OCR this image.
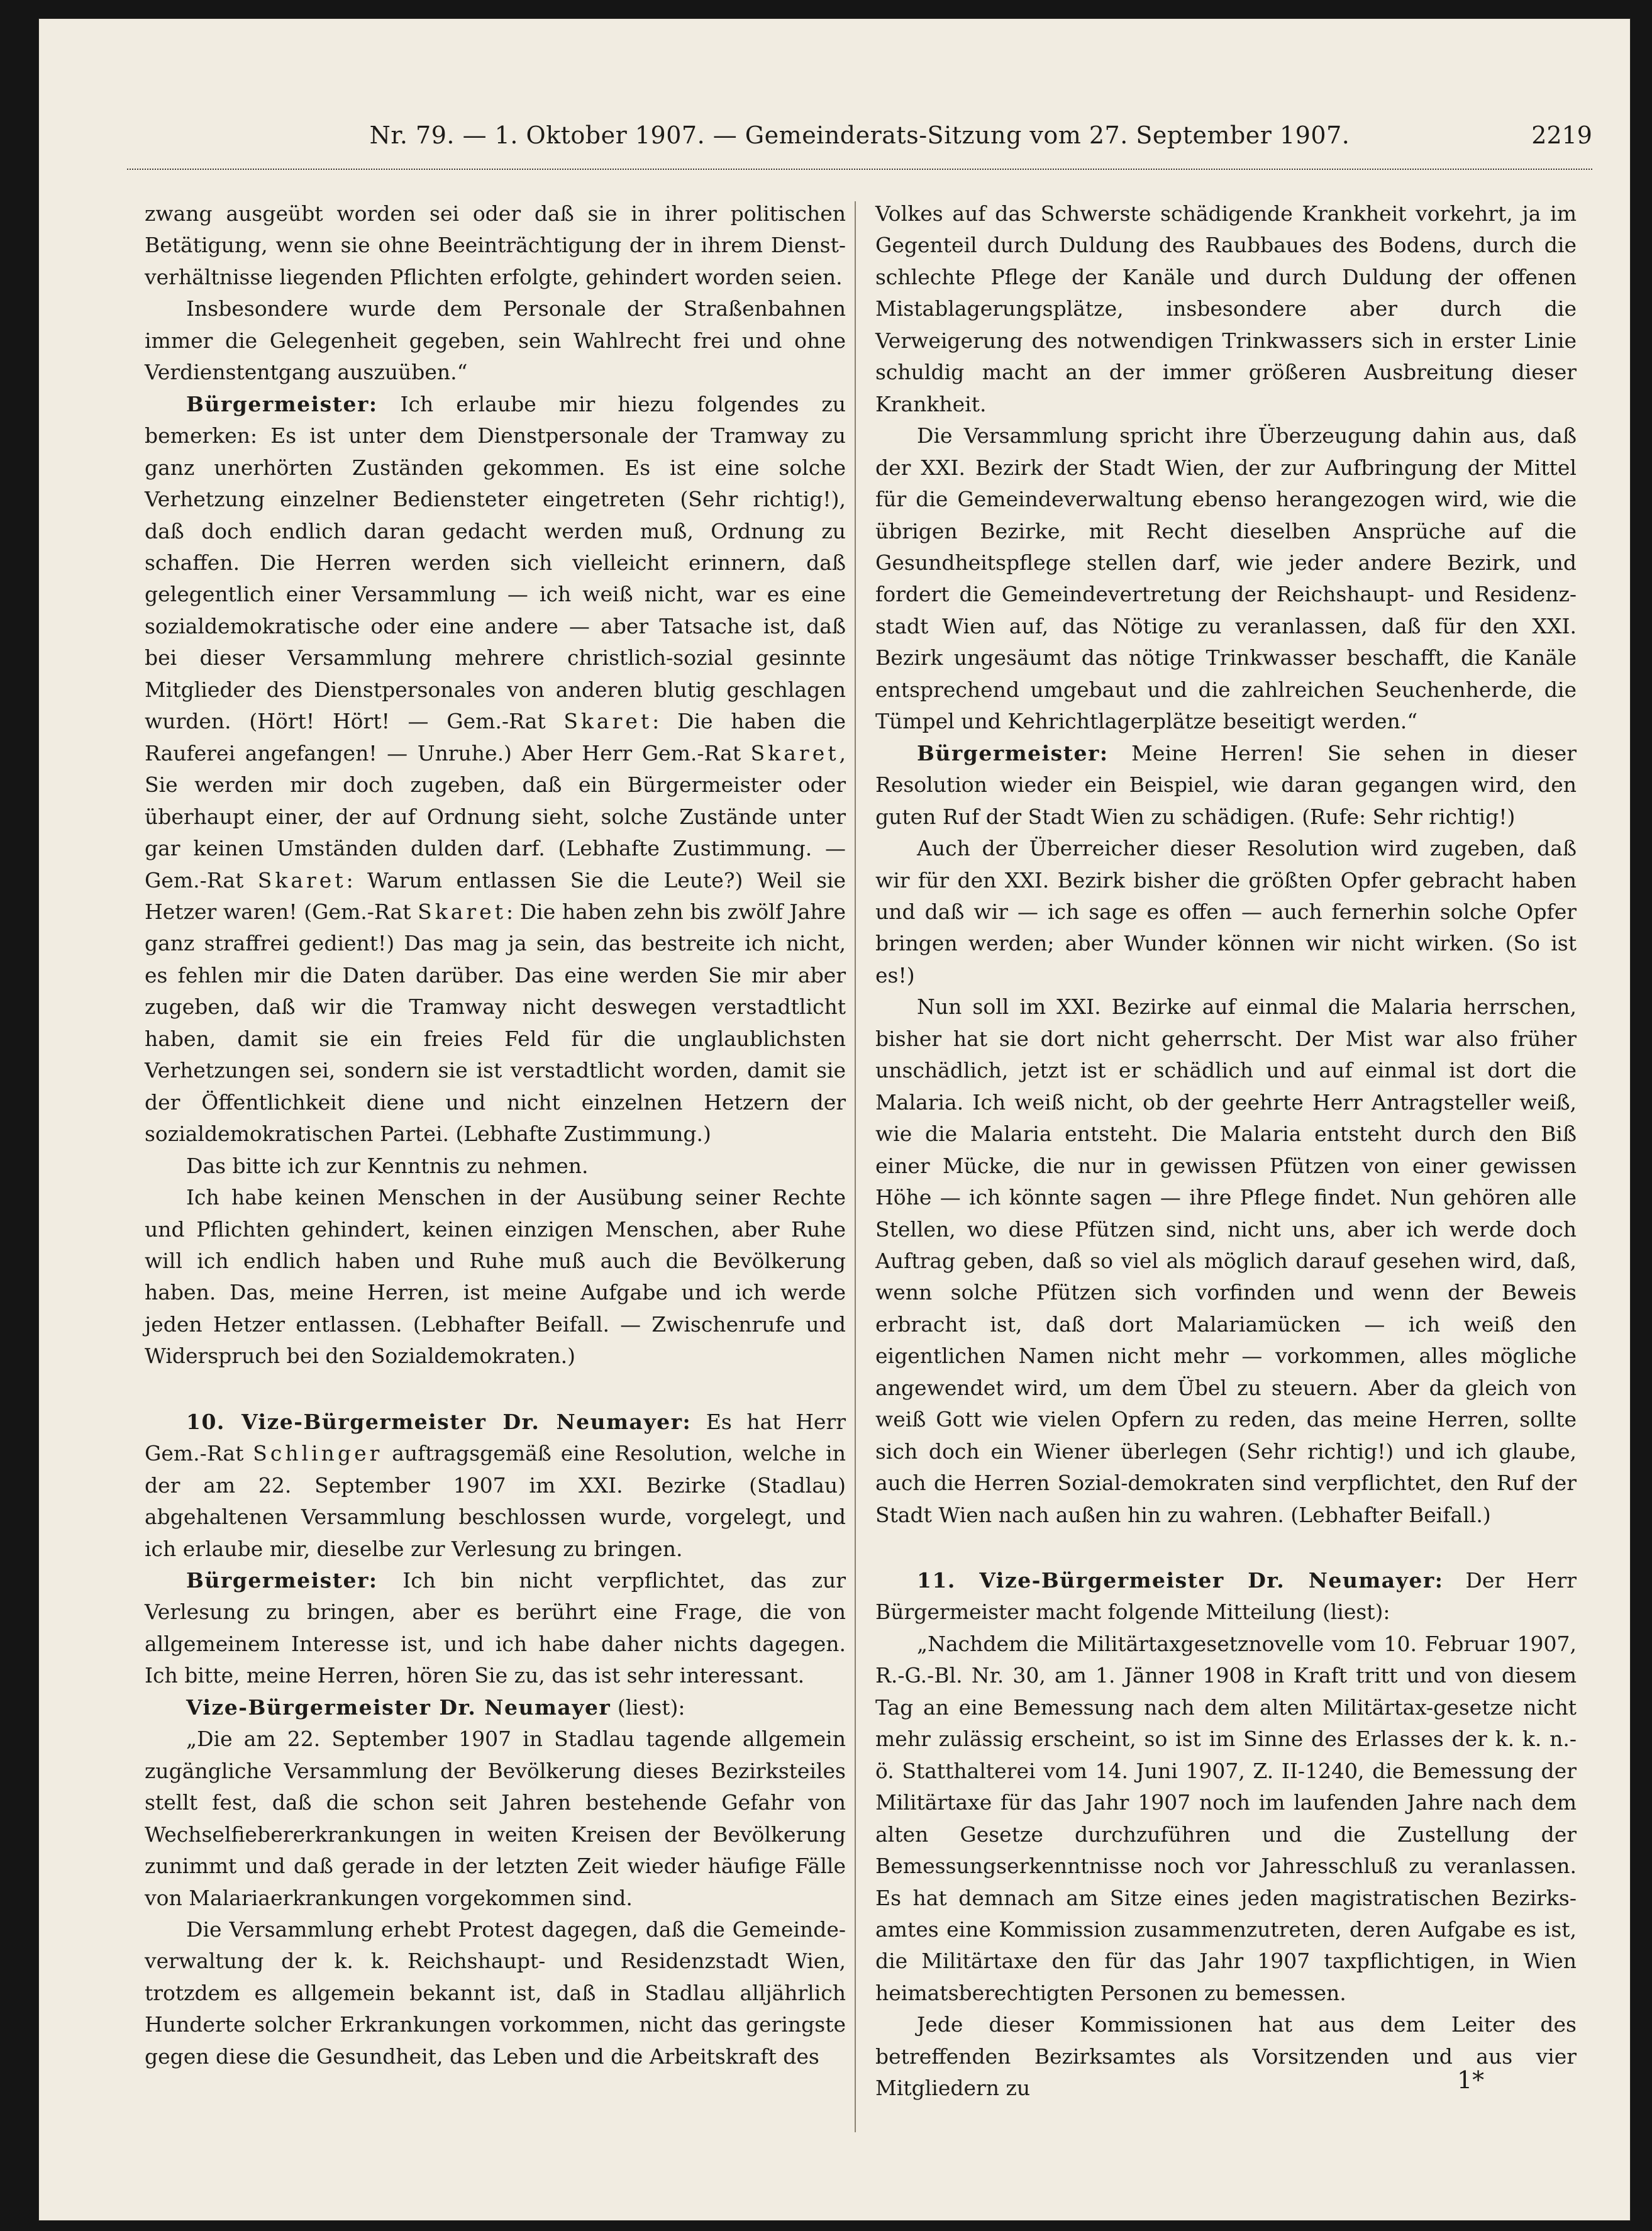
Nr. 79. — 1. Oktober 1907. — Gemeinderats-Sitzung vom 27. September 1907.	2219

zwang ausgeübt worden sei oder daß sie in ihrer politischen Betätigung, wenn sie ohne Beeinträchtigung der in ihrem Dienst-verhältnisse liegenden Pflichten erfolgte, gehindert worden seien.

Insbesondere wurde dem Personale der Straßenbahnen immer die Gelegenheit gegeben, sein Wahlrecht frei und ohne Verdienstentgang auszuüben.“

Bürgermeister: Ich erlaube mir hiezu folgendes zu bemerken: Es ist unter dem Dienstpersonale der Tramway zu ganz unerhörten Zuständen gekommen. Es ist eine solche Verhetzung einzelner Bediensteter eingetreten (Sehr richtig!), daß doch endlich daran gedacht werden muß, Ordnung zu schaffen. Die Herren werden sich vielleicht erinnern, daß gelegentlich einer Versammlung — ich weiß nicht, war es eine sozialdemokratische oder eine andere — aber Tatsache ist, daß bei dieser Versammlung mehrere christlich-sozial gesinnte Mitglieder des Dienstpersonales von anderen blutig geschlagen wurden. (Hört! Hört! — Gem.-Rat Skaret: Die haben die Rauferei angefangen! — Unruhe.) Aber Herr Gem.-Rat Skaret, Sie werden mir doch zugeben, daß ein Bürgermeister oder überhaupt einer, der auf Ordnung sieht, solche Zustände unter gar keinen Umständen dulden darf. (Lebhafte Zustimmung. — Gem.-Rat Skaret: Warum entlassen Sie die Leute?) Weil sie Hetzer waren! (Gem.-Rat Skaret: Die haben zehn bis zwölf Jahre ganz straffrei gedient!) Das mag ja sein, das bestreite ich nicht, es fehlen mir die Daten darüber. Das eine werden Sie mir aber zugeben, daß wir die Tramway nicht deswegen verstadtlicht haben, damit sie ein freies Feld für die unglaublichsten Verhetzungen sei, sondern sie ist verstadtlicht worden, damit sie der Öffentlichkeit diene und nicht einzelnen Hetzern der sozialdemokratischen Partei. (Lebhafte Zustimmung.)

Das bitte ich zur Kenntnis zu nehmen.

Ich habe keinen Menschen in der Ausübung seiner Rechte und Pflichten gehindert, keinen einzigen Menschen, aber Ruhe will ich endlich haben und Ruhe muß auch die Bevölkerung haben. Das, meine Herren, ist meine Aufgabe und ich werde jeden Hetzer entlassen. (Lebhafter Beifall. — Zwischenrufe und Widerspruch bei den Sozialdemokraten.)

10. Vize-Bürgermeister Dr. Neumayer: Es hat Herr Gem.-Rat Schlinger auftragsgemäß eine Resolution, welche in der am 22. September 1907 im XXI. Bezirke (Stadlau) abgehaltenen Versammlung beschlossen wurde, vorgelegt, und ich erlaube mir, dieselbe zur Verlesung zu bringen.

Bürgermeister: Ich bin nicht verpflichtet, das zur Verlesung zu bringen, aber es berührt eine Frage, die von allgemeinem Interesse ist, und ich habe daher nichts dagegen. Ich bitte, meine Herren, hören Sie zu, das ist sehr interessant.

Vize-Bürgermeister Dr. Neumayer (liest):

„Die am 22. September 1907 in Stadlau tagende allgemein zugängliche Versammlung der Bevölkerung dieses Bezirksteiles stellt fest, daß die schon seit Jahren bestehende Gefahr von Wechselfiebererkrankungen in weiten Kreisen der Bevölkerung zunimmt und daß gerade in der letzten Zeit wieder häufige Fälle von Malariaerkrankungen vorgekommen sind.

Die Versammlung erhebt Protest dagegen, daß die Gemeinde-verwaltung der k. k. Reichshaupt- und Residenzstadt Wien, trotzdem es allgemein bekannt ist, daß in Stadlau alljährlich Hunderte solcher Erkrankungen vorkommen, nicht das geringste gegen diese die Gesundheit, das Leben und die Arbeitskraft des

Volkes auf das Schwerste schädigende Krankheit vorkehrt, ja im Gegenteil durch Duldung des Raubbaues des Bodens, durch die schlechte Pflege der Kanäle und durch Duldung der offenen Mistablagerungsplätze, insbesondere aber durch die Verweigerung des notwendigen Trinkwassers sich in erster Linie schuldig macht an der immer größeren Ausbreitung dieser Krankheit.

Die Versammlung spricht ihre Überzeugung dahin aus, daß der XXI. Bezirk der Stadt Wien, der zur Aufbringung der Mittel für die Gemeindeverwaltung ebenso herangezogen wird, wie die übrigen Bezirke, mit Recht dieselben Ansprüche auf die Gesundheitspflege stellen darf, wie jeder andere Bezirk, und fordert die Gemeindevertretung der Reichshaupt- und Residenz-stadt Wien auf, das Nötige zu veranlassen, daß für den XXI. Bezirk ungesäumt das nötige Trinkwasser beschafft, die Kanäle entsprechend umgebaut und die zahlreichen Seuchenherde, die Tümpel und Kehrichtlagerplätze beseitigt werden.“

Bürgermeister: Meine Herren! Sie sehen in dieser Resolution wieder ein Beispiel, wie daran gegangen wird, den guten Ruf der Stadt Wien zu schädigen. (Rufe: Sehr richtig!)

Auch der Überreicher dieser Resolution wird zugeben, daß wir für den XXI. Bezirk bisher die größten Opfer gebracht haben und daß wir — ich sage es offen — auch fernerhin solche Opfer bringen werden; aber Wunder können wir nicht wirken. (So ist es!)

Nun soll im XXI. Bezirke auf einmal die Malaria herrschen, bisher hat sie dort nicht geherrscht. Der Mist war also früher unschädlich, jetzt ist er schädlich und auf einmal ist dort die Malaria. Ich weiß nicht, ob der geehrte Herr Antragsteller weiß, wie die Malaria entsteht. Die Malaria entsteht durch den Biß einer Mücke, die nur in gewissen Pfützen von einer gewissen Höhe — ich könnte sagen — ihre Pflege findet. Nun gehören alle Stellen, wo diese Pfützen sind, nicht uns, aber ich werde doch Auftrag geben, daß so viel als möglich darauf gesehen wird, daß, wenn solche Pfützen sich vorfinden und wenn der Beweis erbracht ist, daß dort Malariamücken — ich weiß den eigentlichen Namen nicht mehr — vorkommen, alles mögliche angewendet wird, um dem Übel zu steuern. Aber da gleich von weiß Gott wie vielen Opfern zu reden, das meine Herren, sollte sich doch ein Wiener überlegen (Sehr richtig!) und ich glaube, auch die Herren Sozial-demokraten sind verpflichtet, den Ruf der Stadt Wien nach außen hin zu wahren. (Lebhafter Beifall.)

11. Vize-Bürgermeister Dr. Neumayer: Der Herr Bürgermeister macht folgende Mitteilung (liest):

„Nachdem die Militärtaxgesetznovelle vom 10. Februar 1907, R.-G.-Bl. Nr. 30, am 1. Jänner 1908 in Kraft tritt und von diesem Tag an eine Bemessung nach dem alten Militärtax-gesetze nicht mehr zulässig erscheint, so ist im Sinne des Erlasses der k. k. n.-ö. Statthalterei vom 14. Juni 1907, Z. II-1240, die Bemessung der Militärtaxe für das Jahr 1907 noch im laufenden Jahre nach dem alten Gesetze durchzuführen und die Zustellung der Bemessungserkenntnisse noch vor Jahresschluß zu veranlassen. Es hat demnach am Sitze eines jeden magistratischen Bezirks-amtes eine Kommission zusammenzutreten, deren Aufgabe es ist, die Militärtaxe den für das Jahr 1907 taxpflichtigen, in Wien heimatsberechtigten Personen zu bemessen.

Jede dieser Kommissionen hat aus dem Leiter des betreffenden Bezirksamtes als Vorsitzenden und aus vier Mitgliedern zu	1*
